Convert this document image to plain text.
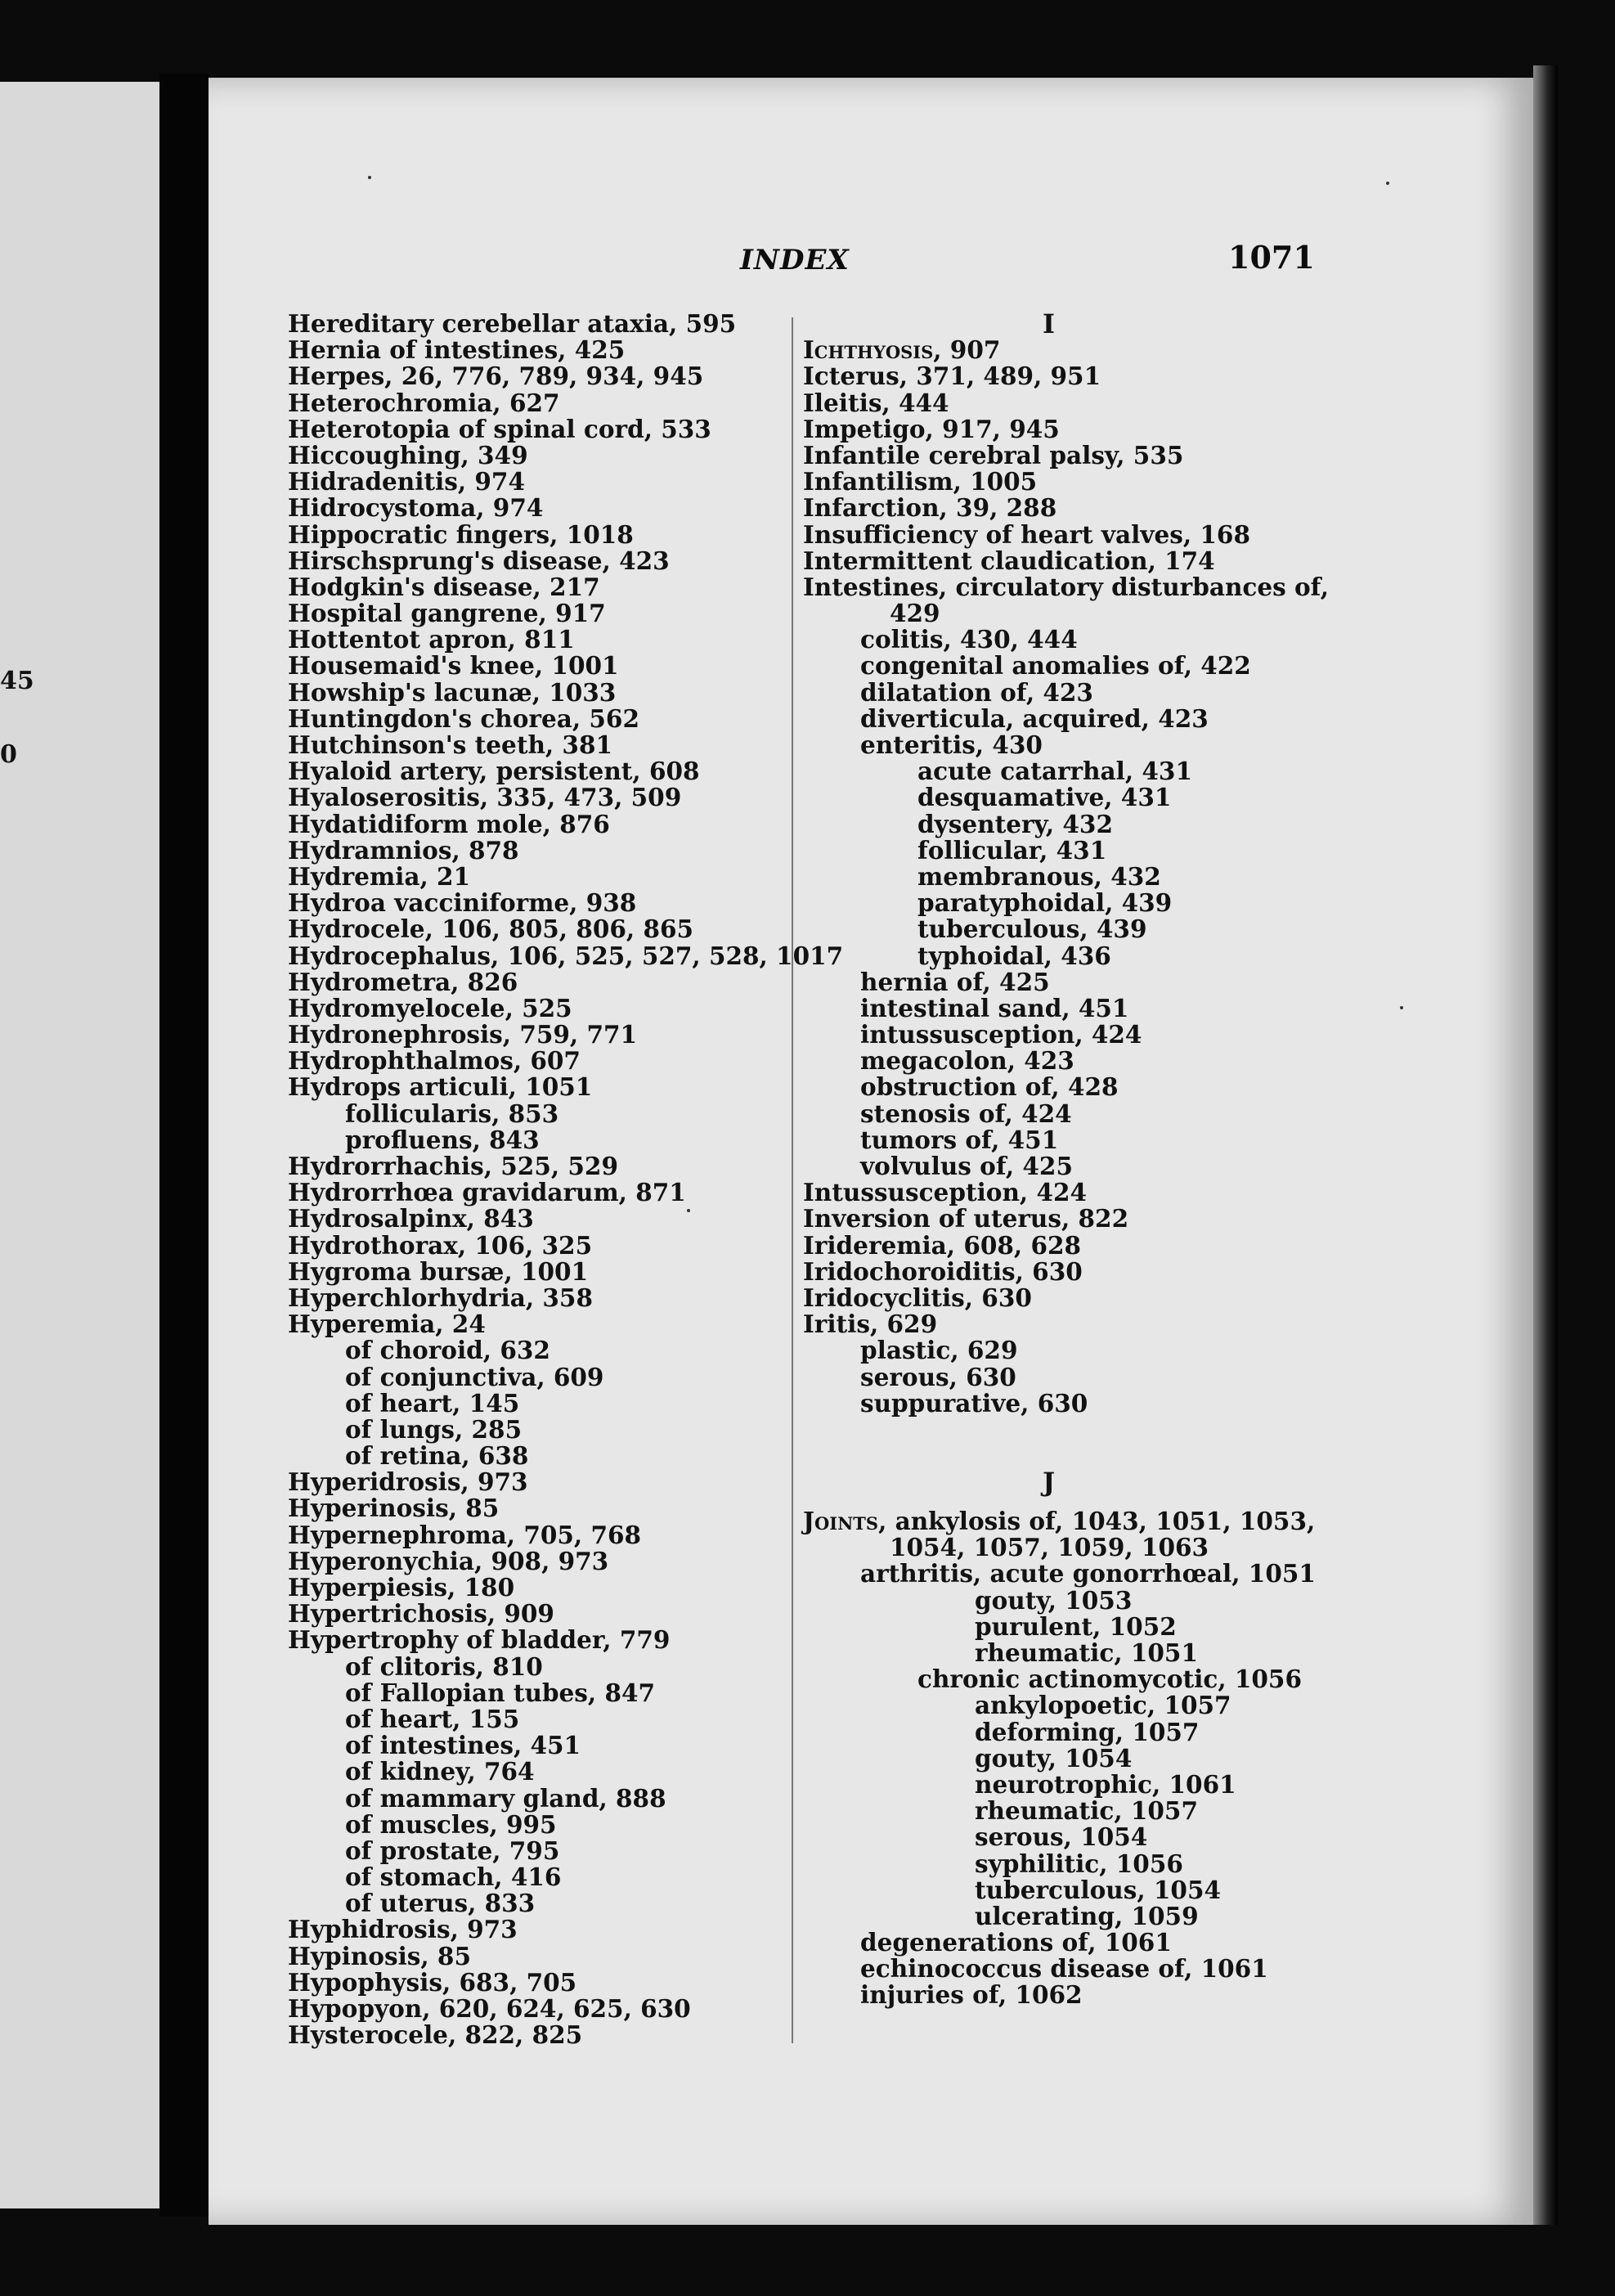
45
0
INDEX	1071
Hereditary cerebellar ataxia, 595
Hernia of intestines, 425
Herpes, 26, 776, 789, 934, 945
Heterochromia, 627
Heterotopia of spinal cord, 533
Hiccoughing, 349
Hidradenitis, 974
Hidrocystoma, 974
Hippocratic fingers, 1018
Hirschsprung's disease, 423
Hodgkin's disease, 217
Hospital gangrene, 917
Hottentot apron, 811
Housemaid's knee, 1001
Howship's lacunæ, 1033
Huntingdon's chorea, 562
Hutchinson's teeth, 381
Hyaloid artery, persistent, 608
Hyaloserositis, 335, 473, 509
Hydatidiform mole, 876
Hydramnios, 878
Hydremia, 21
Hydroa vacciniforme, 938
Hydrocele, 106, 805, 806, 865
Hydrocephalus, 106, 525, 527, 528, 1017
Hydrometra, 826
Hydromyelocele, 525
Hydronephrosis, 759, 771
Hydrophthalmos, 607
Hydrops articuli, 1051
follicularis, 853
profluens, 843
Hydrorrhachis, 525, 529
Hydrorrhœa gravidarum, 871
Hydrosalpinx, 843
Hydrothorax, 106, 325
Hygroma bursæ, 1001
Hyperchlorhydria, 358
Hyperemia, 24
of choroid, 632
of conjunctiva, 609
of heart, 145
of lungs, 285
of retina, 638
Hyperidrosis, 973
Hyperinosis, 85
Hypernephroma, 705, 768
Hyperonychia, 908, 973
Hyperpiesis, 180
Hypertrichosis, 909
Hypertrophy of bladder, 779
of clitoris, 810
of Fallopian tubes, 847
of heart, 155
of intestines, 451
of kidney, 764
of mammary gland, 888
of muscles, 995
of prostate, 795
of stomach, 416
of uterus, 833
Hyphidrosis, 973
Hypinosis, 85
Hypophysis, 683, 705
Hypopyon, 620, 624, 625, 630
Hysterocele, 822, 825
I
Ichthyosis, 907
Icterus, 371, 489, 951
Ileitis, 444
Impetigo, 917, 945
Infantile cerebral palsy, 535
Infantilism, 1005
Infarction, 39, 288
Insufficiency of heart valves, 168
Intermittent claudication, 174
Intestines, circulatory disturbances of,
429
colitis, 430, 444
congenital anomalies of, 422
dilatation of, 423
diverticula, acquired, 423
enteritis, 430
acute catarrhal, 431
desquamative, 431
dysentery, 432
follicular, 431
membranous, 432
paratyphoidal, 439
tuberculous, 439
typhoidal, 436
hernia of, 425
intestinal sand, 451
intussusception, 424
megacolon, 423
obstruction of, 428
stenosis of, 424
tumors of, 451
volvulus of, 425
Intussusception, 424
Inversion of uterus, 822
Irideremia, 608, 628
Iridochoroiditis, 630
Iridocyclitis, 630
Iritis, 629
plastic, 629
serous, 630
suppurative, 630
J
Joints, ankylosis of, 1043, 1051, 1053,
1054, 1057, 1059, 1063
arthritis, acute gonorrhœal, 1051
gouty, 1053
purulent, 1052
rheumatic, 1051
chronic actinomycotic, 1056
ankylopoetic, 1057
deforming, 1057
gouty, 1054
neurotrophic, 1061
rheumatic, 1057
serous, 1054
syphilitic, 1056
tuberculous, 1054
ulcerating, 1059
degenerations of, 1061
echinococcus disease of, 1061
injuries of, 1062
